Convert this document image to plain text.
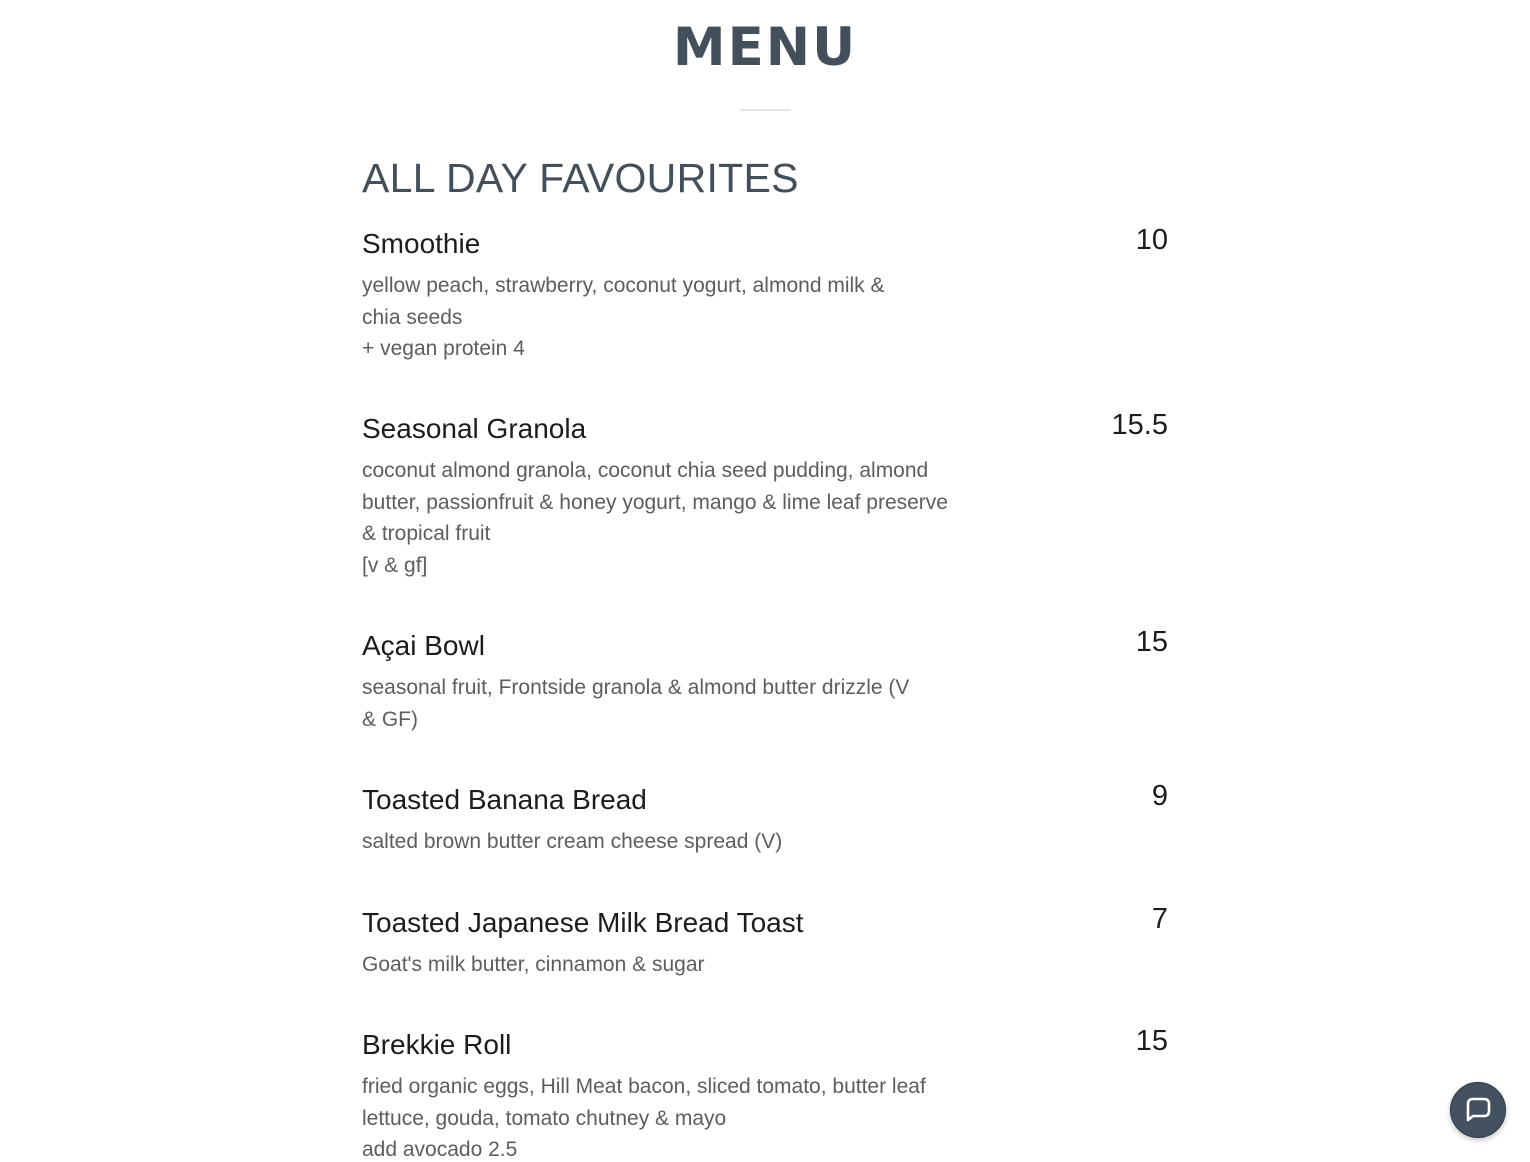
MENU
ALL DAY FAVOURITES
Smoothie	10
yellow peach, strawberry, coconut yogurt, almond milk &
chia seeds
+ vegan protein 4
Seasonal Granola	15.5
coconut almond granola, coconut chia seed pudding, almond
butter, passionfruit & honey yogurt, mango & lime leaf preserve
& tropical fruit
[v & gf]
Açai Bowl	15
seasonal fruit, Frontside granola & almond butter drizzle (V
& GF)
Toasted Banana Bread	9
salted brown butter cream cheese spread (V)
Toasted Japanese Milk Bread Toast	7
Goat's milk butter, cinnamon & sugar
Brekkie Roll	15
fried organic eggs, Hill Meat bacon, sliced tomato, butter leaf
lettuce, gouda, tomato chutney & mayo
add avocado 2.5
